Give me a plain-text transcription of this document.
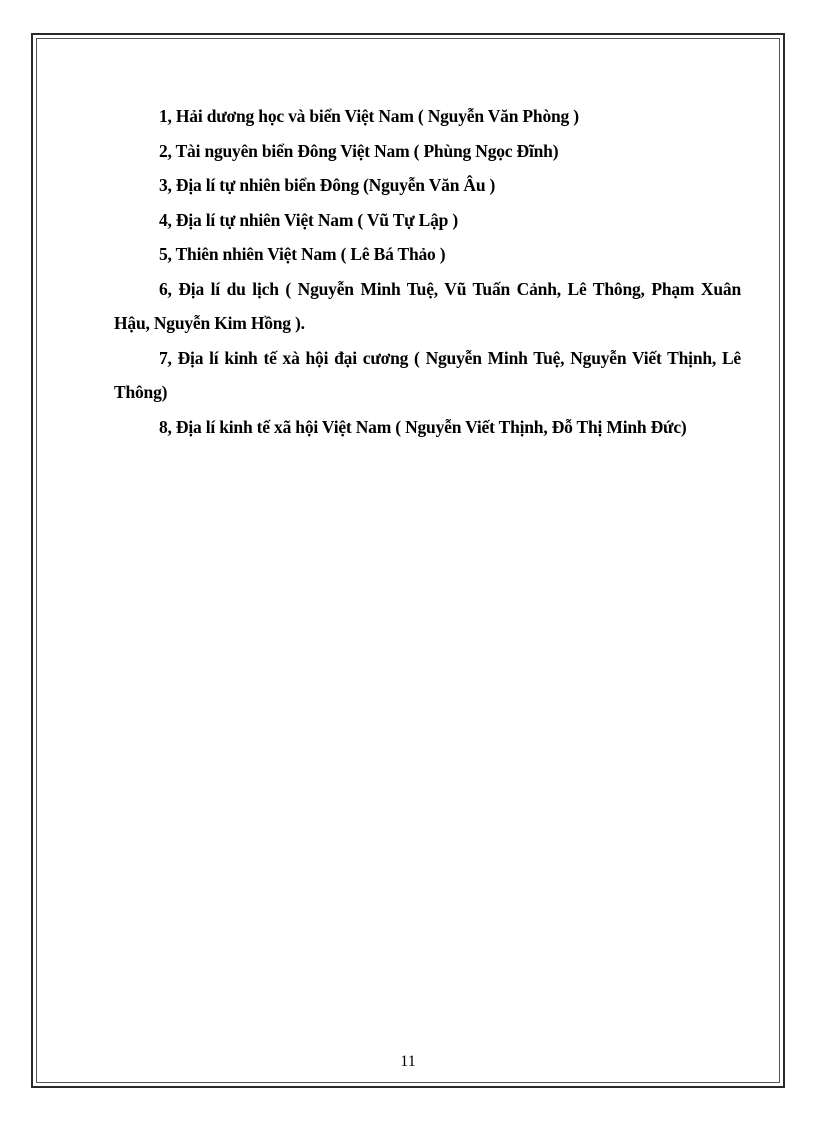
1, Hải dương học và biển Việt Nam ( Nguyễn Văn Phòng )
2, Tài nguyên biển Đông Việt Nam ( Phùng Ngọc Đĩnh)
3, Địa lí tự nhiên biển Đông (Nguyễn Văn Âu )
4, Địa lí tự nhiên Việt Nam ( Vũ Tự Lập )
5, Thiên nhiên Việt Nam ( Lê Bá Thảo )
6, Địa lí du lịch ( Nguyễn Minh Tuệ, Vũ Tuấn Cảnh, Lê Thông, Phạm Xuân Hậu, Nguyễn Kim Hồng ).
7, Địa lí kinh tế xà hội đại cương ( Nguyễn Minh Tuệ, Nguyễn Viết Thịnh, Lê Thông)
8, Địa lí kinh tế xã hội Việt Nam ( Nguyễn Viết Thịnh, Đỗ Thị Minh Đức)
11
